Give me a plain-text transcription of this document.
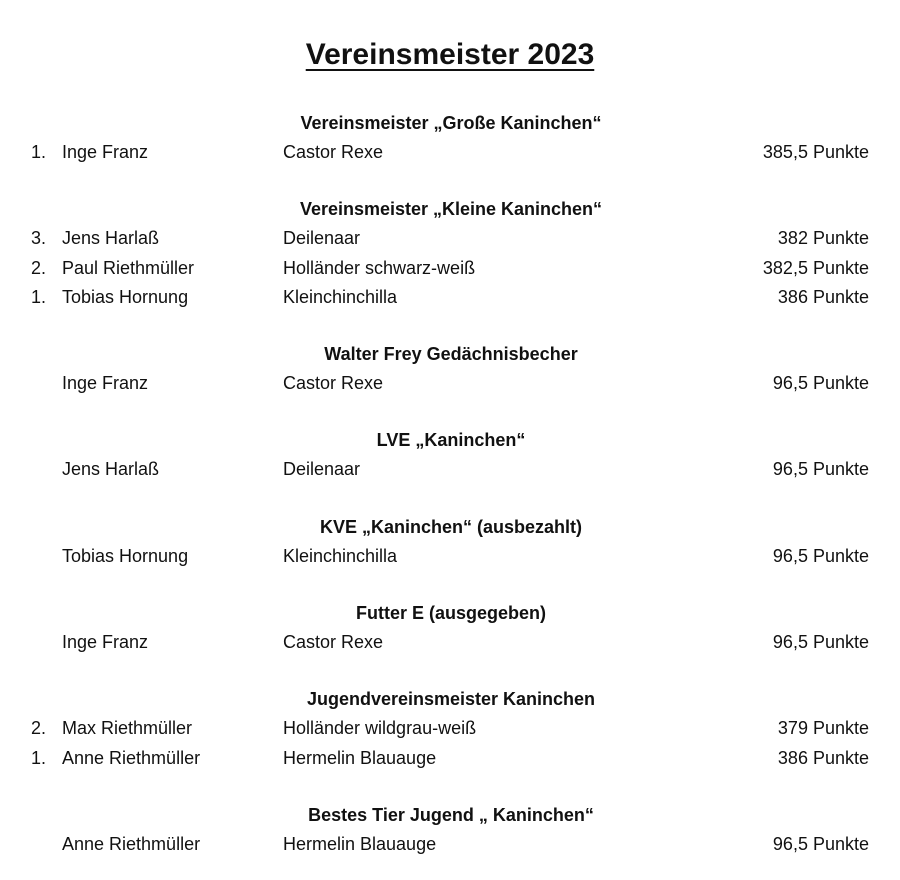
Vereinsmeister 2023
Vereinsmeister „Große Kaninchen“
1. Inge Franz	Castor Rexe	385,5 Punkte
Vereinsmeister „Kleine Kaninchen“
3. Jens Harlaß	Deilenaar	382 Punkte
2. Paul Riethmüller	Holländer schwarz-weiß	382,5 Punkte
1. Tobias Hornung	Kleinchinchilla	386 Punkte
Walter Frey Gedächnisbecher
Inge Franz	Castor Rexe	96,5 Punkte
LVE „Kaninchen“
Jens Harlaß	Deilenaar	96,5 Punkte
KVE „Kaninchen“ (ausbezahlt)
Tobias Hornung	Kleinchinchilla	96,5 Punkte
Futter E (ausgegeben)
Inge Franz	Castor Rexe	96,5 Punkte
Jugendvereinsmeister Kaninchen
2. Max Riethmüller	Holländer wildgrau-weiß	379 Punkte
1. Anne Riethmüller	Hermelin Blauauge	386 Punkte
Bestes Tier Jugend „ Kaninchen“
Anne Riethmüller	Hermelin Blauauge	96,5 Punkte
